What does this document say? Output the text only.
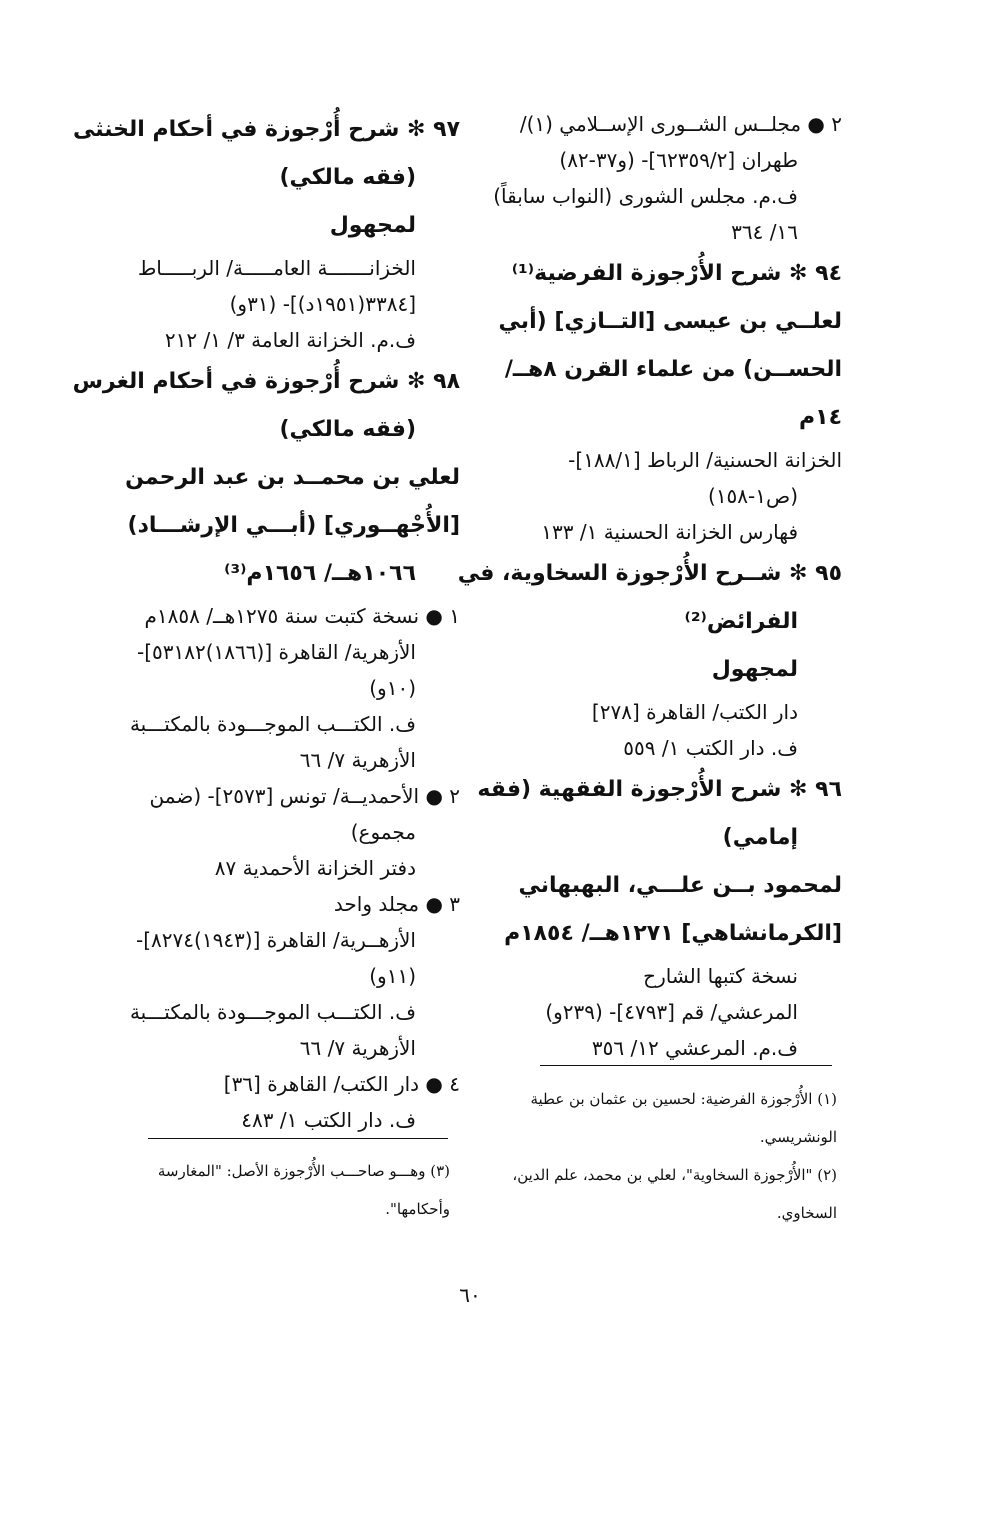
٢ ● مجلــس الشــورى الإســلامي (١)/
طهران [٦٢٣٥٩/٢]- (و٣٧-٨٢)
ف.م. مجلس الشورى (النواب سابقاً)
١٦/ ٣٦٤
٩٤ ✻ شرح الأُرْجوزة الفرضية⁽¹⁾
لعلــي بن عيسى [التــازي] (أبي
الحســن) من علماء القرن ٨هــ/
١٤م
الخزانة الحسنية/ الرباط [١٨٨/١]-
(ص١-١٥٨)
فهارس الخزانة الحسنية ١/ ١٣٣
٩٥ ✻ شــرح الأُرْجوزة السخاوية، في
الفرائض⁽²⁾
لمجهول
دار الكتب/ القاهرة [٢٧٨]
ف. دار الكتب ١/ ٥٥٩
٩٦ ✻ شرح الأُرْجوزة الفقهية (فقه
إمامي)
لمحمود بــن علـــي، البهبهاني
[الكرمانشاهي] ١٢٧١هــ/ ١٨٥٤م
نسخة كتبها الشارح
المرعشي/ قم [٤٧٩٣]- (٢٣٩و)
ف.م. المرعشي ١٢/ ٣٥٦
٩٧ ✻ شرح أُرْجوزة في أحكام الخنثى
(فقه مالكي)
لمجهول
الخزانـــــــة العامـــــة/ الربـــــاط
[٣٣٨٤(١٩٥١د)]- (٣١و)
ف.م. الخزانة العامة ٣/ ١/ ٢١٢
٩٨ ✻ شرح أُرْجوزة في أحكام الغرس
(فقه مالكي)
لعلي بن محمــد بن عبد الرحمن
[الأُجْهــوري] (أبـــي الإرشـــاد)
١٠٦٦هــ/ ١٦٥٦م⁽³⁾
١ ● نسخة كتبت سنة ١٢٧٥هــ/ ١٨٥٨م
الأزهرية/ القاهرة [(١٨٦٦)٥٣١٨٢]-
(١٠و)
ف. الكتـــب الموجـــودة بالمكتـــبة
الأزهرية ٧/ ٦٦
٢ ● الأحمديــة/ تونس [٢٥٧٣]- (ضمن
مجموع)
دفتر الخزانة الأحمدية ٨٧
٣ ● مجلد واحد
الأزهــرية/ القاهرة [(١٩٤٣)٨٢٧٤]-
(١١و)
ف. الكتـــب الموجـــودة بالمكتـــبة
الأزهرية ٧/ ٦٦
٤ ● دار الكتب/ القاهرة [٣٦]
ف. دار الكتب ١/ ٤٨٣
(١) الأُرْجوزة الفرضية: لحسين بن عثمان بن عطية
الونشريسي.
(٢) "الأُرْجوزة السخاوية"، لعلي بن محمد، علم الدين،
السخاوي.
(٣) وهـــو صاحـــب الأُرْجوزة الأصل: "المغارسة
وأحكامها".
٦٠
